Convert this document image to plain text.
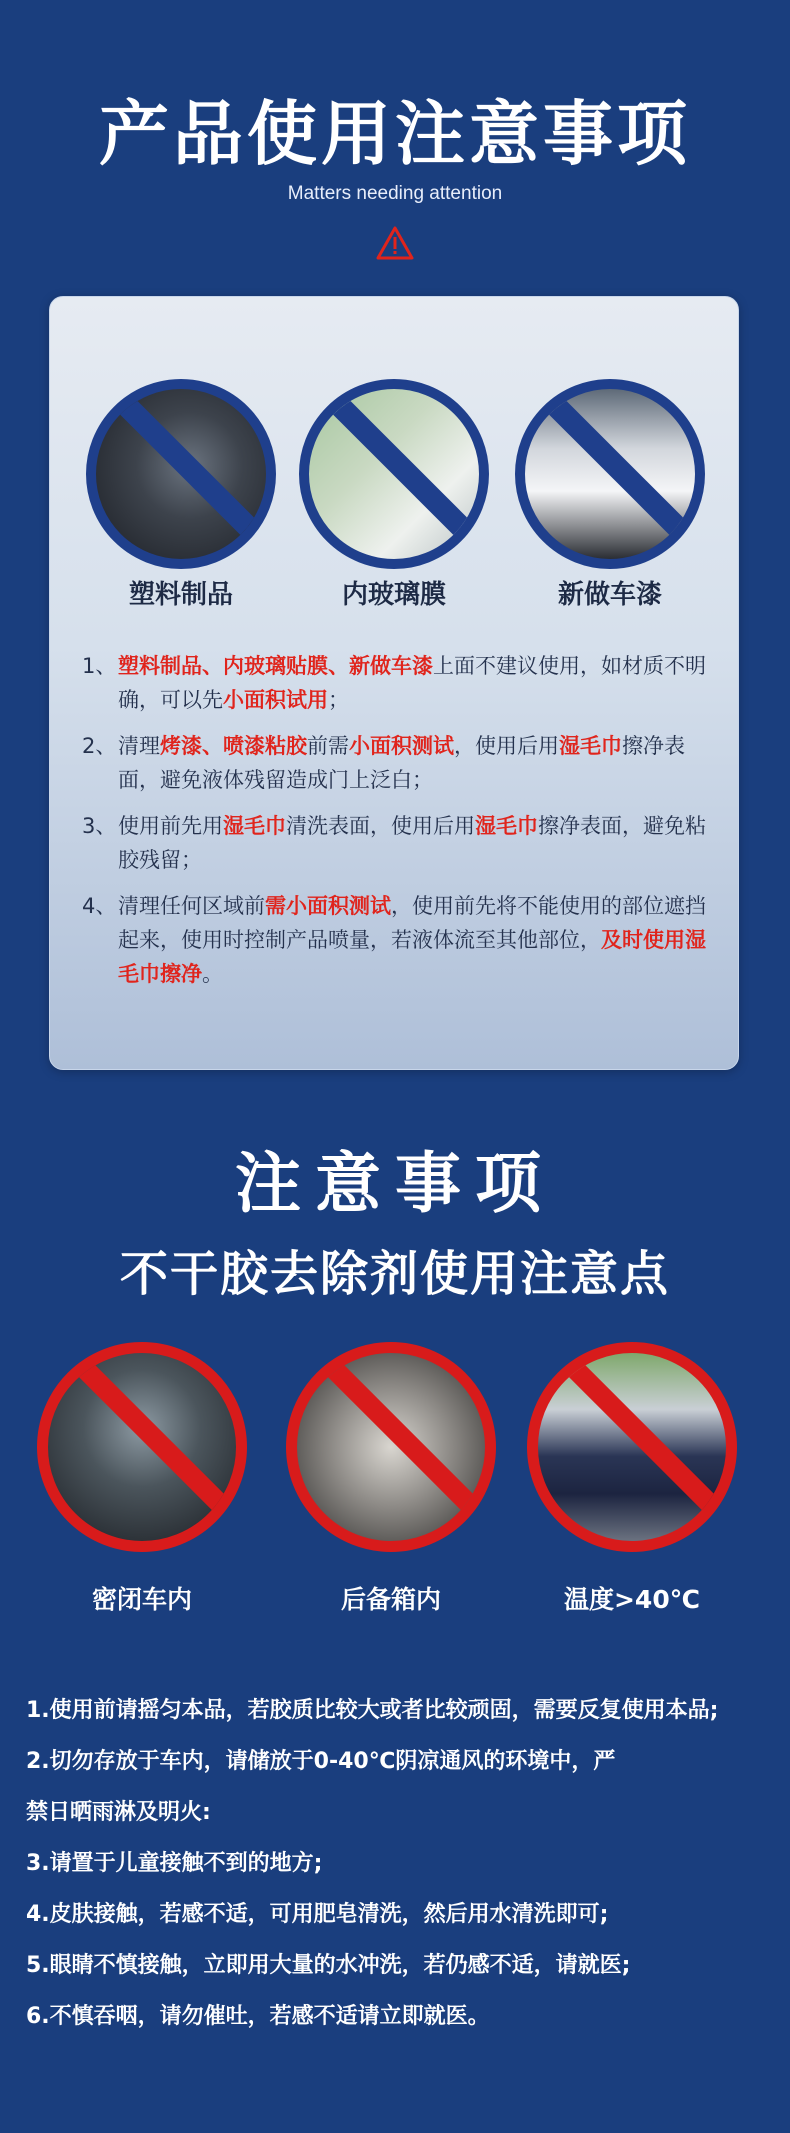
产品使用注意事项
Matters needing attention
塑料制品	内玻璃膜	新做车漆
1、塑料制品、内玻璃贴膜、新做车漆上面不建议使用，如材质不明确，可以先小面积试用；
2、清理烤漆、喷漆粘胶前需小面积测试，使用后用湿毛巾擦净表面，避免液体残留造成门上泛白；
3、使用前先用湿毛巾清洗表面，使用后用湿毛巾擦净表面，避免粘胶残留；
4、清理任何区域前需小面积测试，使用前先将不能使用的部位遮挡起来，使用时控制产品喷量，若液体流至其他部位，及时使用湿毛巾擦净。
注意事项
不干胶去除剂使用注意点
密闭车内	后备箱内	温度>40℃
1.使用前请摇匀本品，若胶质比较大或者比较顽固，需要反复使用本品;
2.切勿存放于车内，请储放于0-40℃阴凉通风的环境中，严
禁日晒雨淋及明火:
3.请置于儿童接触不到的地方;
4.皮肤接触，若感不适，可用肥皂清洗，然后用水清洗即可;
5.眼睛不慎接触，立即用大量的水冲洗，若仍感不适，请就医;
6.不慎吞咽，请勿催吐，若感不适请立即就医。
